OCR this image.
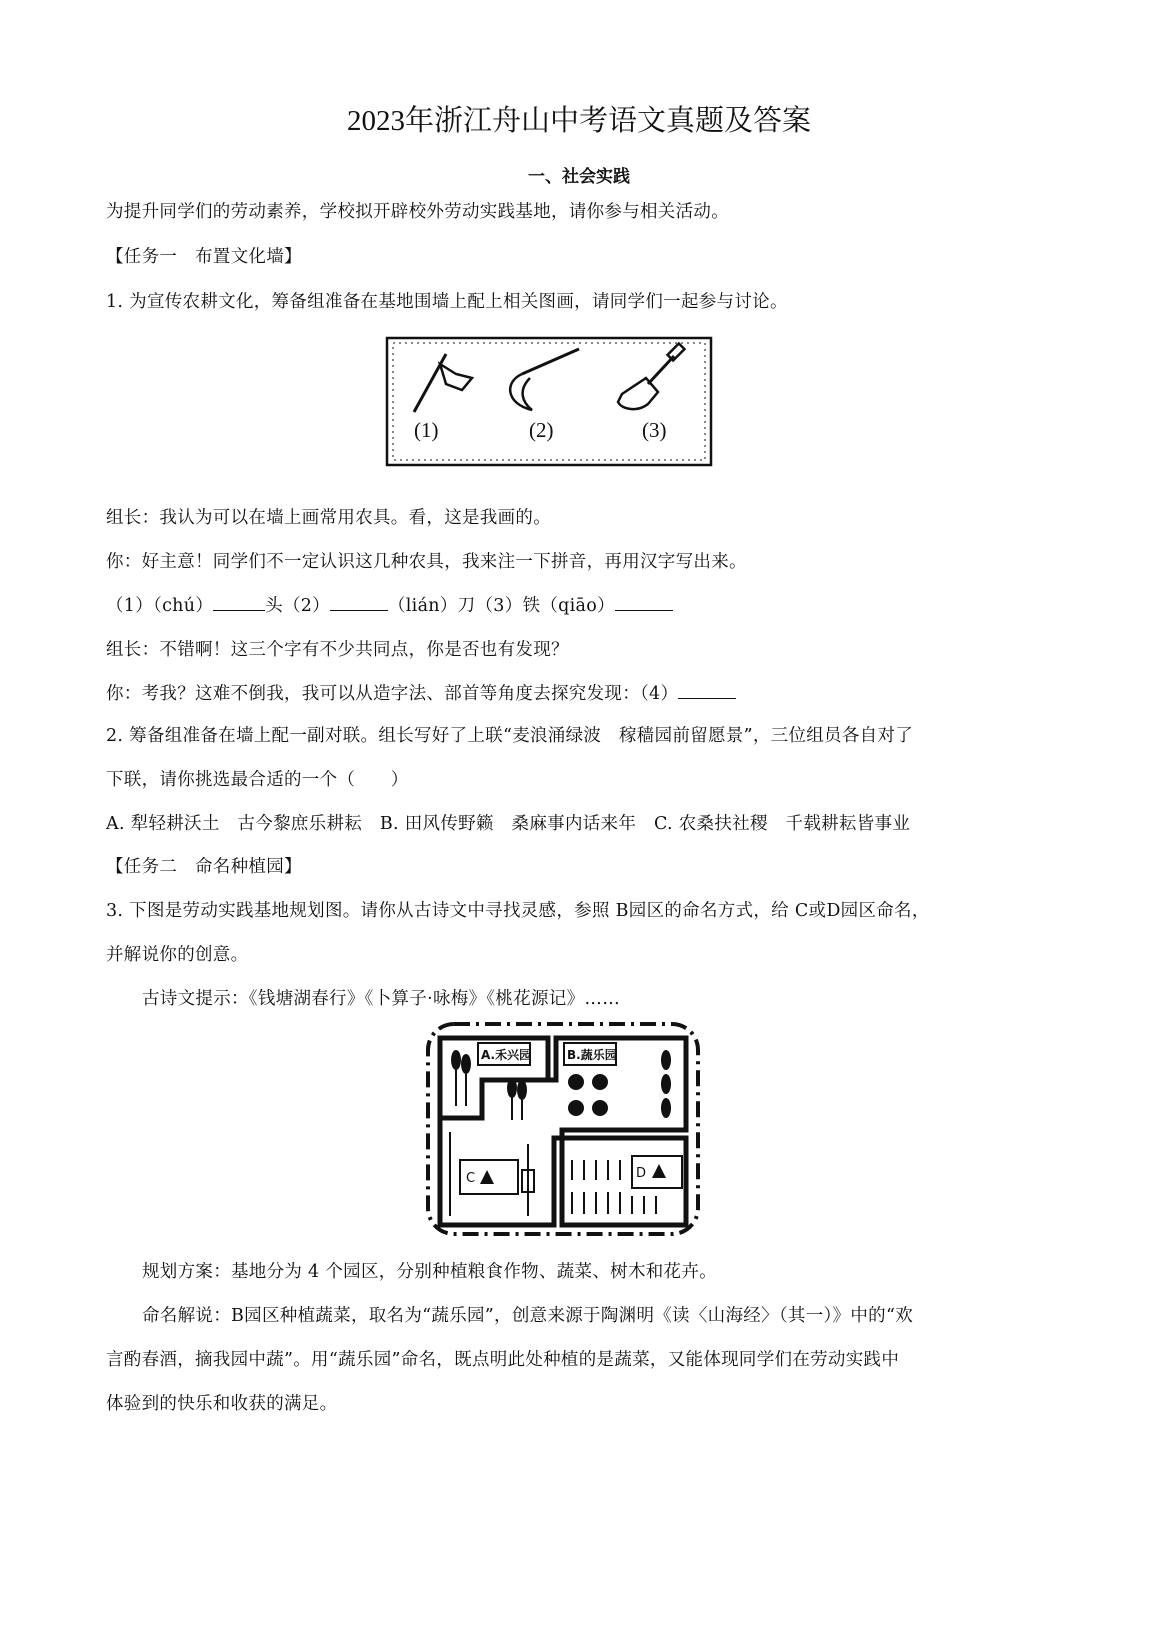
2023年浙江舟山中考语文真题及答案
一、社会实践
为提升同学们的劳动素养，学校拟开辟校外劳动实践基地，请你参与相关活动。
【任务一　布置文化墙】
1. 为宣传农耕文化，筹备组准备在基地围墙上配上相关图画，请同学们一起参与讨论。
(1)	(2)	(3)
组长：我认为可以在墙上画常用农具。看，这是我画的。
你：好主意！同学们不一定认识这几种农具，我来注一下拼音，再用汉字写出来。
（1）（chú）	头（2）	（lián）刀（3）铁（qiāo）
组长：不错啊！这三个字有不少共同点，你是否也有发现？
你：考我？这难不倒我，我可以从造字法、部首等角度去探究发现：（4）
2. 筹备组准备在墙上配一副对联。组长写好了上联“麦浪涌绿波　稼穑园前留愿景”，三位组员各自对了
下联，请你挑选最合适的一个（　　）
A. 犁轻耕沃土　古今黎庶乐耕耘　B. 田风传野籁　桑麻事内话来年　C. 农桑扶社稷　千载耕耘皆事业
【任务二　命名种植园】
3. 下图是劳动实践基地规划图。请你从古诗文中寻找灵感，参照 B园区的命名方式，给 C或D园区命名，
并解说你的创意。
古诗文提示：《钱塘湖春行》《卜算子·咏梅》《桃花源记》……
A.禾兴园	B.蔬乐园
C	D
规划方案：基地分为 4 个园区，分别种植粮食作物、蔬菜、树木和花卉。
命名解说：B园区种植蔬菜，取名为“蔬乐园”，创意来源于陶渊明《读〈山海经〉（其一）》中的“欢
言酌春酒，摘我园中蔬”。用“蔬乐园”命名，既点明此处种植的是蔬菜，又能体现同学们在劳动实践中
体验到的快乐和收获的满足。
